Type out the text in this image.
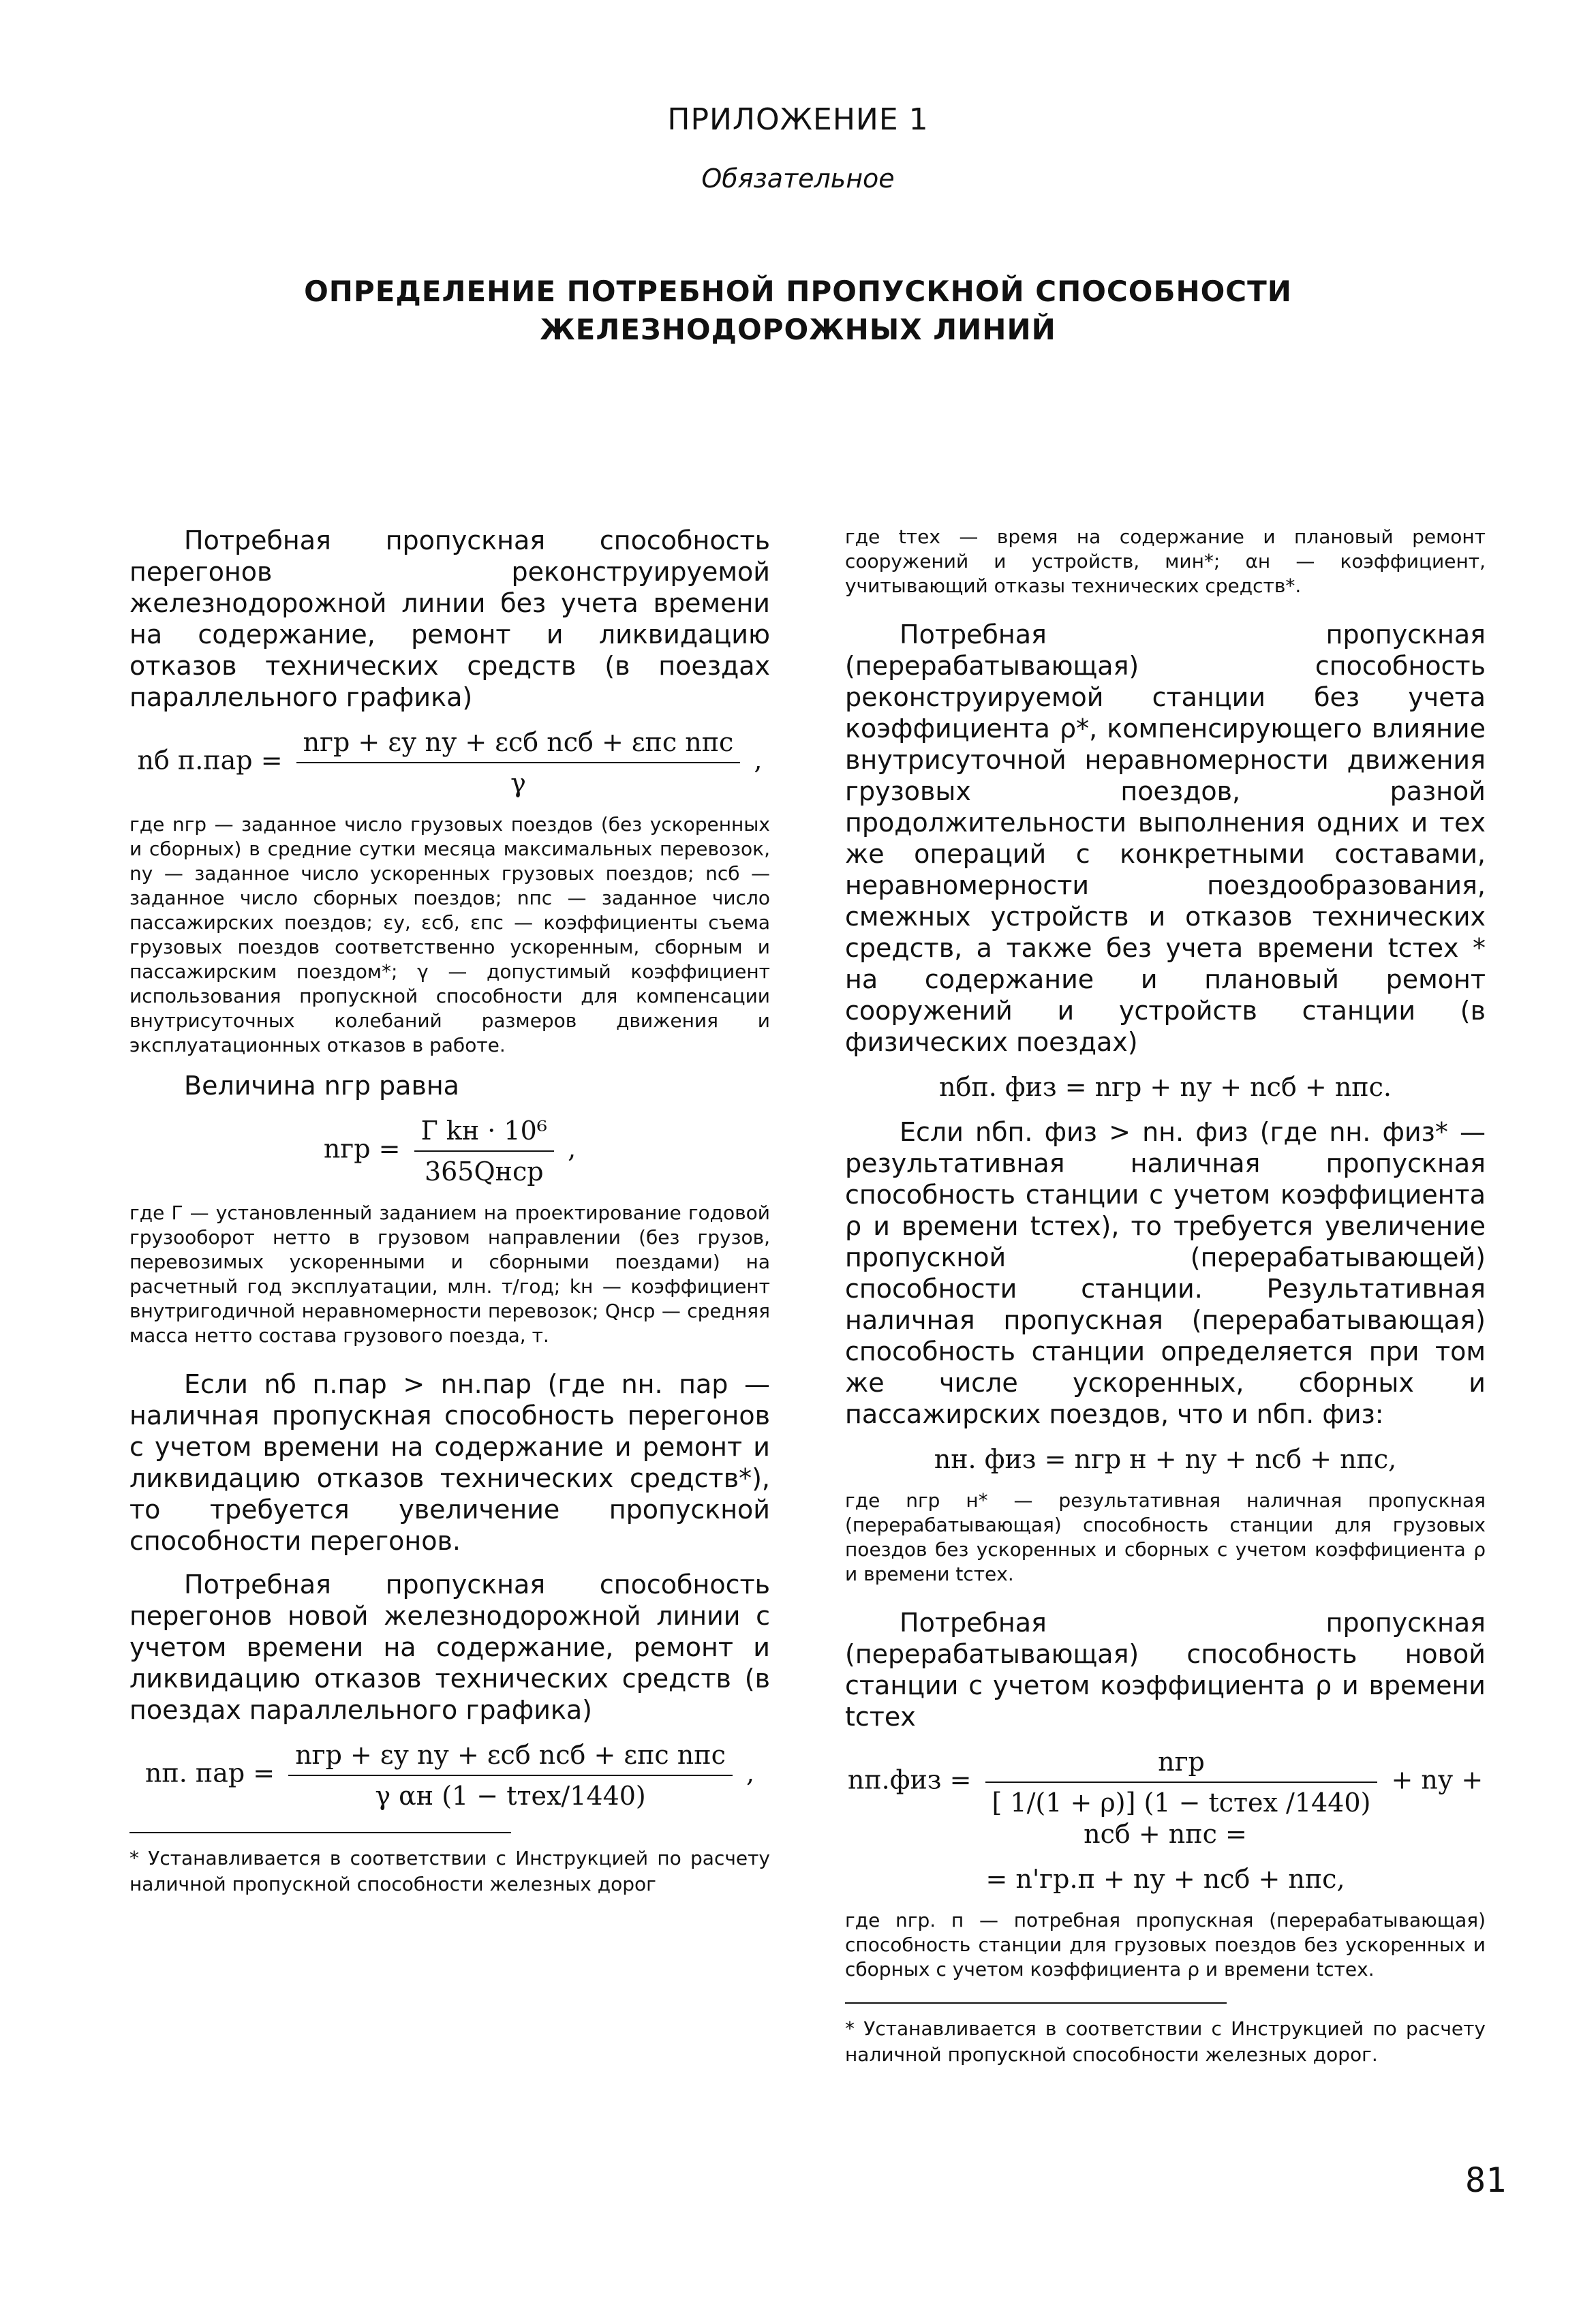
ПРИЛОЖЕНИЕ 1
Обязательное
ОПРЕДЕЛЕНИЕ ПОТРЕБНОЙ ПРОПУСКНОЙ СПОСОБНОСТИ
ЖЕЛЕЗНОДОРОЖНЫХ ЛИНИЙ

Потребная пропускная способность перегонов реконструируемой железнодорожной линии без учета времени на содержание, ремонт и ликвидацию отказов технических средств (в поездах параллельного графика)

nб $п.пар = \frac{\text{nгр + εу nу + εсб nсб + εпс nпс}}{\gamma}$ ,

где nгр — заданное число грузовых поездов (без ускоренных и сборных) в средние сутки месяца максимальных перевозок, nу — заданное число ускоренных грузовых поездов; nсб — заданное число сборных поездов; nпс — заданное число пассажирских поездов; εу, εсб, εпс — коэффициенты съема грузовых поездов соответственно ускоренным, сборным и пассажирским поездом*; γ — допустимый коэффициент использования пропускной способности для компенсации внутрисуточных колебаний размеров движения и эксплуатационных отказов в работе.

Величина nгр равна

nгр = $\frac{\text{Г kн · 10⁶}}{\text{365Qнср}}$ ,

где Г — установленный заданием на проектирование годовой грузооборот нетто в грузовом направлении (без грузов, перевозимых ускоренными и сборными поездами) на расчетный год эксплуатации, млн. т/год; kн — коэффициент внутригодичной неравномерности перевозок; Qнср — средняя масса нетто состава грузового поезда, т.

Если nб п.пар > nн.пар (где nн. пар — наличная пропускная способность перегонов с учетом времени на содержание и ремонт и ликвидацию отказов технических средств*), то требуется увеличение пропускной способности перегонов.

Потребная пропускная способность перегонов новой железнодорожной линии с учетом времени на содержание, ремонт и ликвидацию отказов технических средств (в поездах параллельного графика)

nп. пар = $\frac{\text{nгр + εу nу + εсб nсб + εпс nпс}}{\text{γ αн (1 − tтех/1440)}}$ ,

* Устанавливается в соответствии с Инструкцией по расчету наличной пропускной способности железных дорог

где tтех — время на содержание и плановый ремонт сооружений и устройств, мин*; αн — коэффициент, учитывающий отказы технических средств*.

Потребная пропускная (перерабатывающая) способность реконструируемой станции без учета коэффициента ρ*, компенсирующего влияние внутрисуточной неравномерности движения грузовых поездов, разной продолжительности выполнения одних и тех же операций с конкретными составами, неравномерности поездообразования, смежных устройств и отказов технических средств, а также без учета времени tстех * на содержание и плановый ремонт сооружений и устройств станции (в физических поездах)

nбп. физ = nгр + nу + nсб + nпс.

Если nбп. физ > nн. физ (где nн. физ* — результативная наличная пропускная способность станции с учетом коэффициента ρ и времени tстех), то требуется увеличение пропускной (перерабатывающей) способности станции. Результативная наличная пропускная (перерабатывающая) способность станции определяется при том же числе ускоренных, сборных и пассажирских поездов, что и nбп. физ:

nн. физ = nгр н + nу + nсб + nпс,

где nгр н* — результативная наличная пропускная (перерабатывающая) способность станции для грузовых поездов без ускоренных и сборных с учетом коэффициента ρ и времени tстех.

Потребная пропускная (перерабатывающая) способность новой станции с учетом коэффициента ρ и времени tстех

$nп.физ = \frac{\text{nгр}}{\text{[ 1/(1 + ρ)] (1 − tстех /1440)}}$ + nу + nсб + nпс =
= n'гр.п + nу + nсб + nпс,

где nгр. п — потребная пропускная (перерабатывающая) способность станции для грузовых поездов без ускоренных и сборных с учетом коэффициента ρ и времени tстех.

* Устанавливается в соответствии с Инструкцией по расчету наличной пропускной способности железных дорог.

81
